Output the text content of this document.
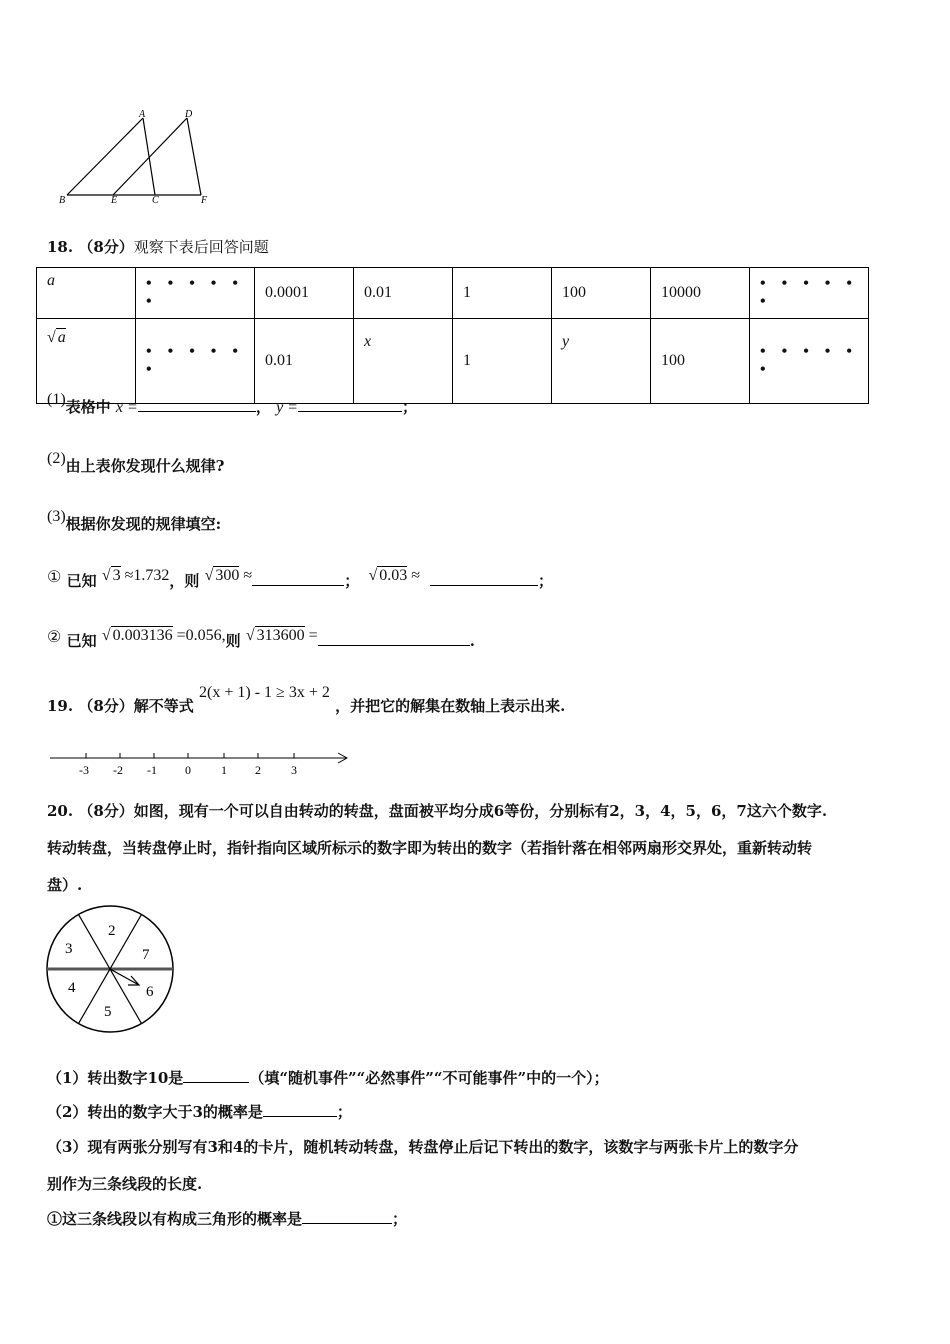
A	D
B	E	C	F
18. （8分）观察下表后回答问题
a	• • • • • •	0.0001	0.01	1	100	10000	• • • • • •
√ a	• • • • • •	0.01	x	1	y	100	• • • • • •
(1)表格中 x =	， y =	；
(2)由上表你发现什么规律?
(3)根据你发现的规律填空:
① 已知 √ 3 ≈1.732，则 √ 300 ≈	； √ 0.03 ≈	；
② 已知 √ 0.003136 =0.056,则 √ 313600 =	.
19. （8分）解不等式 2(x + 1) - 1 ≥ 3x + 2 ，并把它的解集在数轴上表示出来.
-3 -2 -1 0	1 2	3
20. （8分）如图，现有一个可以自由转动的转盘，盘面被平均分成6等份，分别标有2，3，4，5，6，7这六个数字.
转动转盘，当转盘停止时，指针指向区域所标示的数字即为转出的数字（若指针落在相邻两扇形交界处，重新转动转
盘）.
2
3
4
5
6
7
（1）转出数字10是	（填“随机事件”“必然事件”“不可能事件”中的一个）；
（2）转出的数字大于3的概率是	；
（3）现有两张分别写有3和4的卡片，随机转动转盘，转盘停止后记下转出的数字，该数字与两张卡片上的数字分
别作为三条线段的长度.
①这三条线段以有构成三角形的概率是	；
